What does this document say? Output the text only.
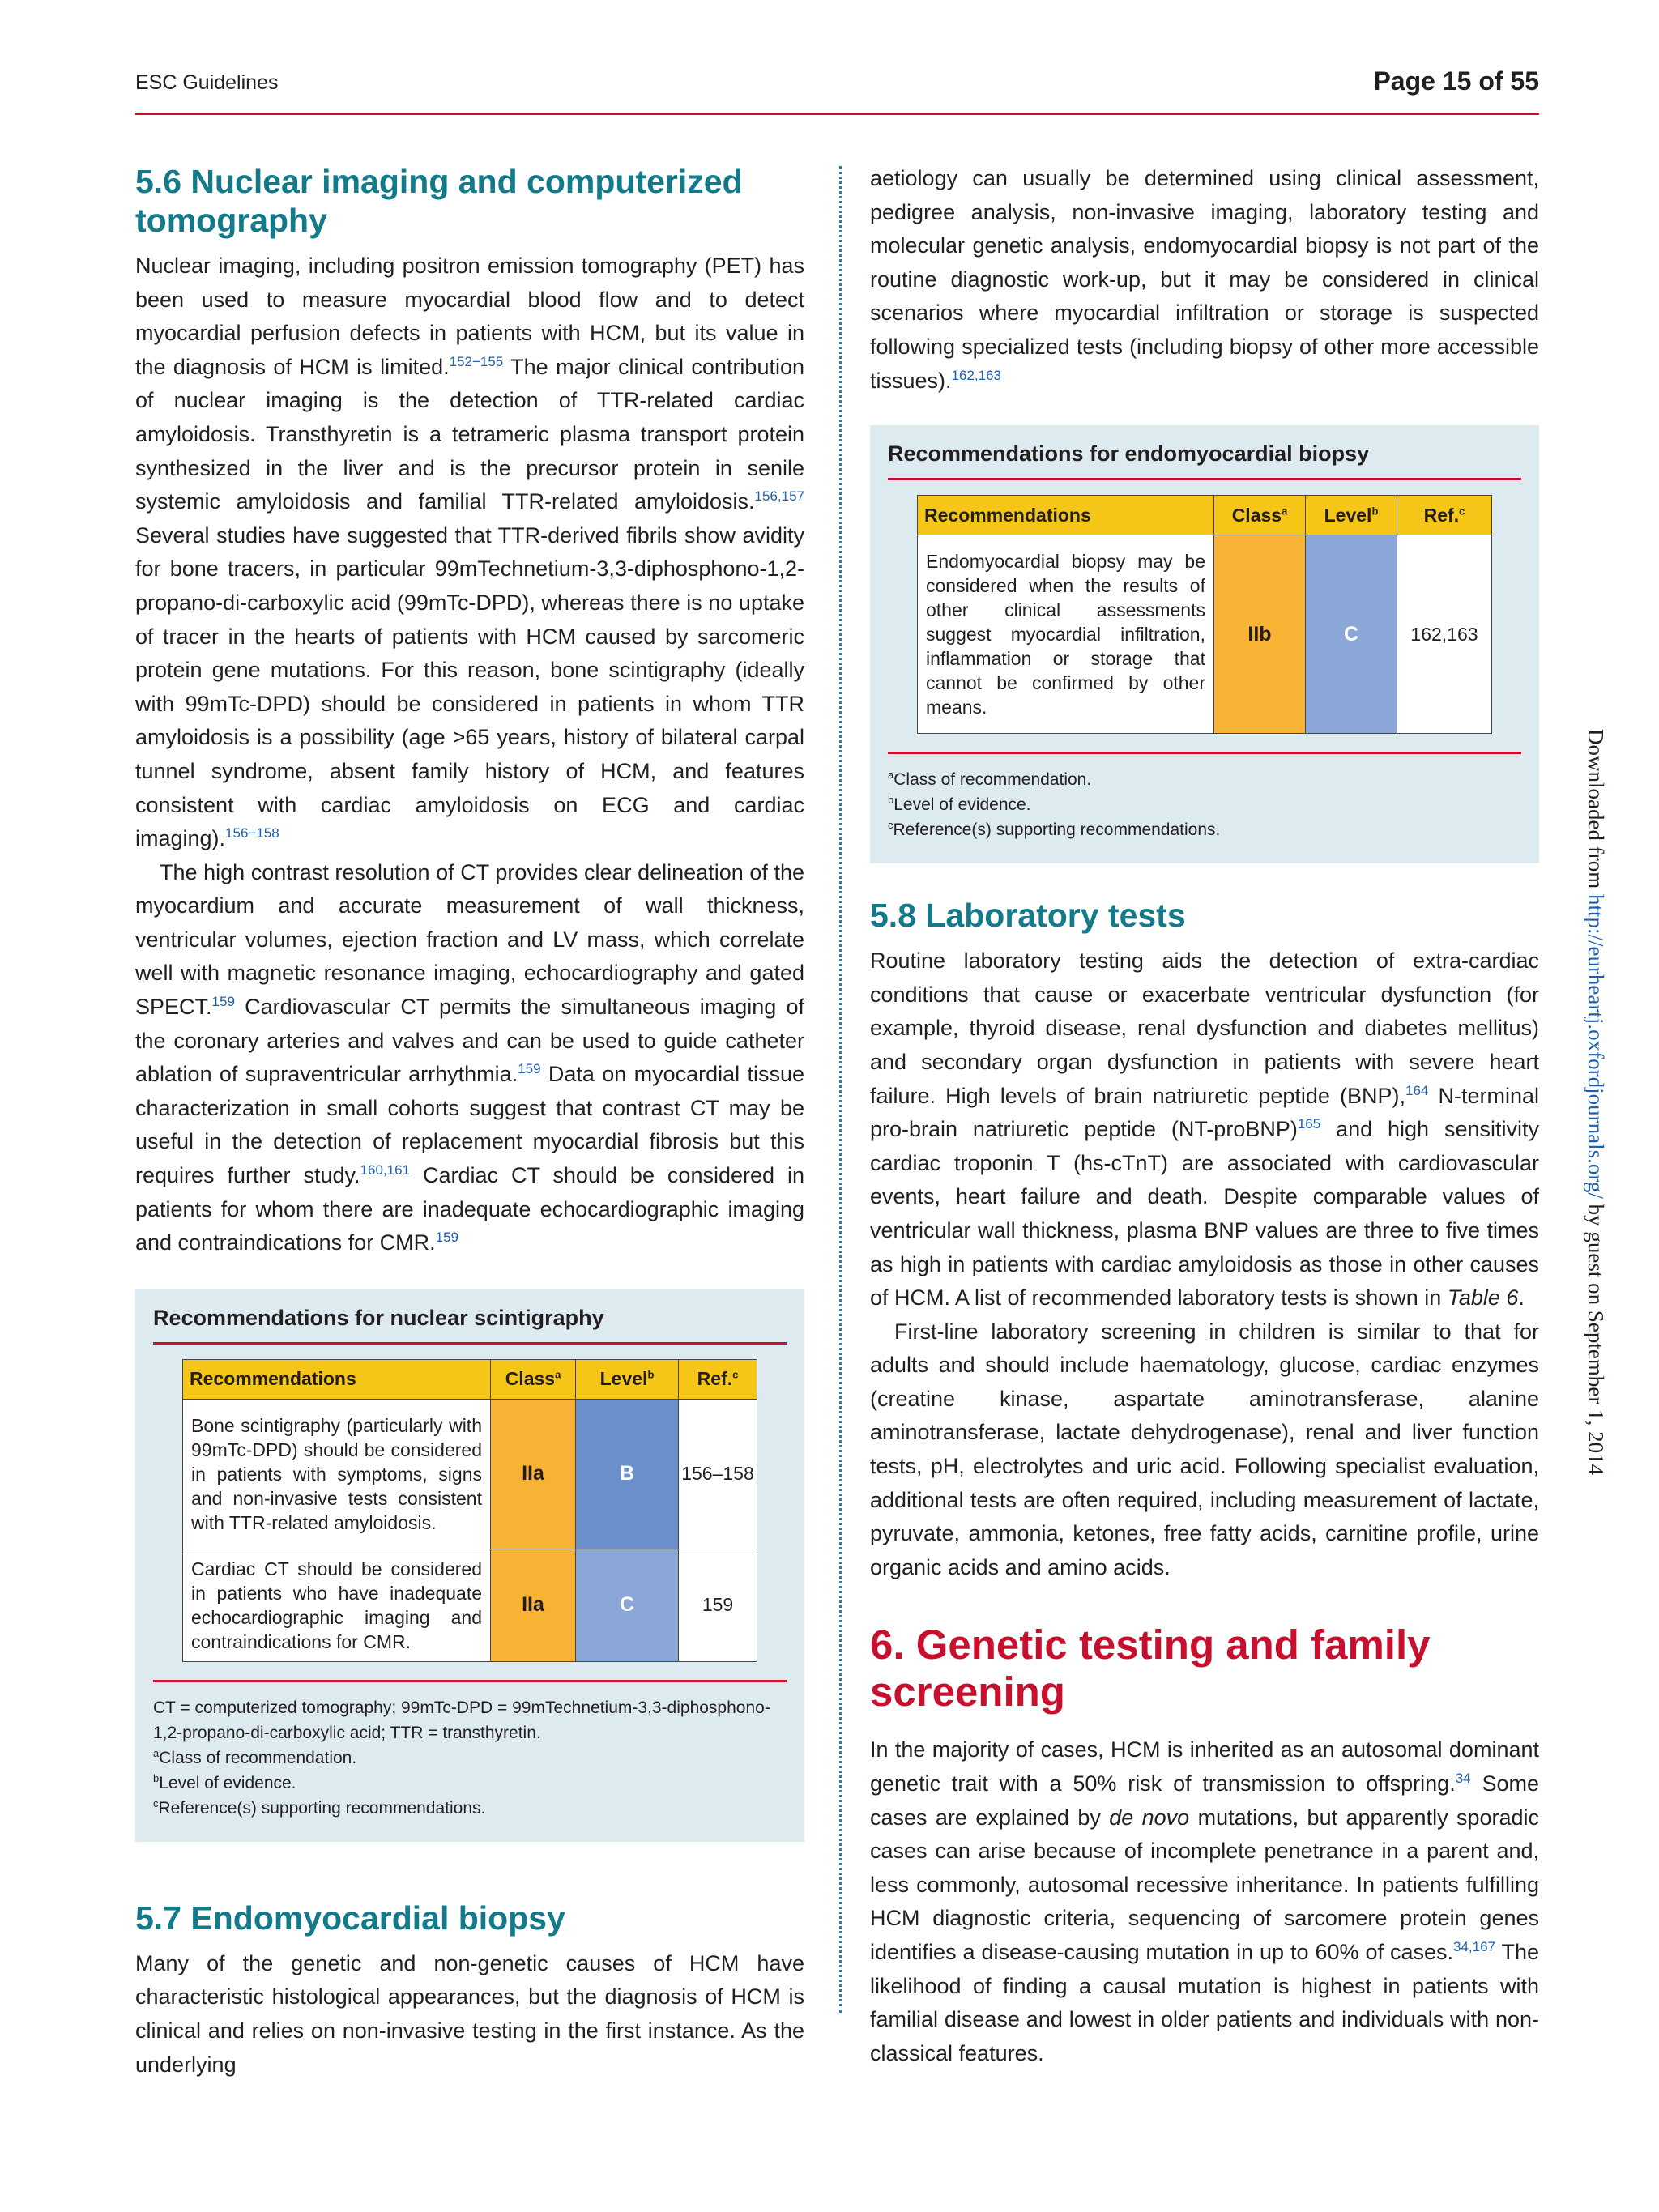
ESC Guidelines	Page 15 of 55
5.6 Nuclear imaging and computerized tomography

Nuclear imaging, including positron emission tomography (PET) has been used to measure myocardial blood flow and to detect myocardial perfusion defects in patients with HCM, but its value in the diagnosis of HCM is limited.$^{152-155}$ The major clinical contribution of nuclear imaging is the detection of TTR-related cardiac amyloidosis. Transthyretin is a tetrameric plasma transport protein synthesized in the liver and is the precursor protein in senile systemic amyloidosis and familial TTR-related amyloidosis.$^{156,157}$ Several studies have suggested that TTR-derived fibrils show avidity for bone tracers, in particular 99mTechnetium-3,3-diphosphono-1,2-propano-di-carboxylic acid (99mTc-DPD), whereas there is no uptake of tracer in the hearts of patients with HCM caused by sarcomeric protein gene mutations. For this reason, bone scintigraphy (ideally with 99mTc-DPD) should be considered in patients in whom TTR amyloidosis is a possibility (age >65 years, history of bilateral carpal tunnel syndrome, absent family history of HCM, and features consistent with cardiac amyloidosis on ECG and cardiac imaging).$^{156-158}$

The high contrast resolution of CT provides clear delineation of the myocardium and accurate measurement of wall thickness, ventricular volumes, ejection fraction and LV mass, which correlate well with magnetic resonance imaging, echocardiography and gated SPECT.$^{159}$ Cardiovascular CT permits the simultaneous imaging of the coronary arteries and valves and can be used to guide catheter ablation of supraventricular arrhythmia.$^{159}$ Data on myocardial tissue characterization in small cohorts suggest that contrast CT may be useful in the detection of replacement myocardial fibrosis but this requires further study.$^{160,161}$ Cardiac CT should be considered in patients for whom there are inadequate echocardiographic imaging and contraindications for CMR.$^{159}$

Recommendations for nuclear scintigraphy
Recommendations	Class$^a$	Level$^b$	Ref.$^c$
Bone scintigraphy (particularly with 99mTc-DPD) should be considered in patients with symptoms, signs and non-invasive tests consistent with TTR-related amyloidosis.	IIa	B	156–158
Cardiac CT should be considered in patients who have inadequate echocardiographic imaging and contraindications for CMR.	IIa	C	159

CT = computerized tomography; 99mTc-DPD = 99mTechnetium-3,3-diphosphono-1,2-propano-di-carboxylic acid; TTR = transthyretin.

$^a$Class of recommendation.

$^b$Level of evidence.

$^c$Reference(s) supporting recommendations.

5.7 Endomyocardial biopsy

Many of the genetic and non-genetic causes of HCM have characteristic histological appearances, but the diagnosis of HCM is clinical and relies on non-invasive testing in the first instance. As the underlying

aetiology can usually be determined using clinical assessment, pedigree analysis, non-invasive imaging, laboratory testing and molecular genetic analysis, endomyocardial biopsy is not part of the routine diagnostic work-up, but it may be considered in clinical scenarios where myocardial infiltration or storage is suspected following specialized tests (including biopsy of other more accessible tissues).$^{162,163}$

Recommendations for endomyocardial biopsy
Recommendations	Class$^a$	Level$^b$	Ref.$^c$
Endomyocardial biopsy may be considered when the results of other clinical assessments suggest myocardial infiltration, inflammation or storage that cannot be confirmed by other means.	IIb	C	162,163

$^a$Class of recommendation.

$^b$Level of evidence.

$^c$Reference(s) supporting recommendations.

5.8 Laboratory tests

Routine laboratory testing aids the detection of extra-cardiac conditions that cause or exacerbate ventricular dysfunction (for example, thyroid disease, renal dysfunction and diabetes mellitus) and secondary organ dysfunction in patients with severe heart failure. High levels of brain natriuretic peptide (BNP),$^{164}$ N-terminal pro-brain natriuretic peptide (NT-proBNP)$^{165}$ and high sensitivity cardiac troponin T (hs-cTnT) are associated with cardiovascular events, heart failure and death. Despite comparable values of ventricular wall thickness, plasma BNP values are three to five times as high in patients with cardiac amyloidosis as those in other causes of HCM. A list of recommended laboratory tests is shown in Table 6.

First-line laboratory screening in children is similar to that for adults and should include haematology, glucose, cardiac enzymes (creatine kinase, aspartate aminotransferase, alanine aminotransferase, lactate dehydrogenase), renal and liver function tests, pH, electrolytes and uric acid. Following specialist evaluation, additional tests are often required, including measurement of lactate, pyruvate, ammonia, ketones, free fatty acids, carnitine profile, urine organic acids and amino acids.

6. Genetic testing and family screening

In the majority of cases, HCM is inherited as an autosomal dominant genetic trait with a 50% risk of transmission to offspring.$^{34}$ Some cases are explained by de novo mutations, but apparently sporadic cases can arise because of incomplete penetrance in a parent and, less commonly, autosomal recessive inheritance. In patients fulfilling HCM diagnostic criteria, sequencing of sarcomere protein genes identifies a disease-causing mutation in up to 60% of cases.$^{34,167}$ The likelihood of finding a causal mutation is highest in patients with familial disease and lowest in older patients and individuals with non-classical features.

Downloaded from http://eurheartj.oxfordjournals.org/ by guest on September 1, 2014
